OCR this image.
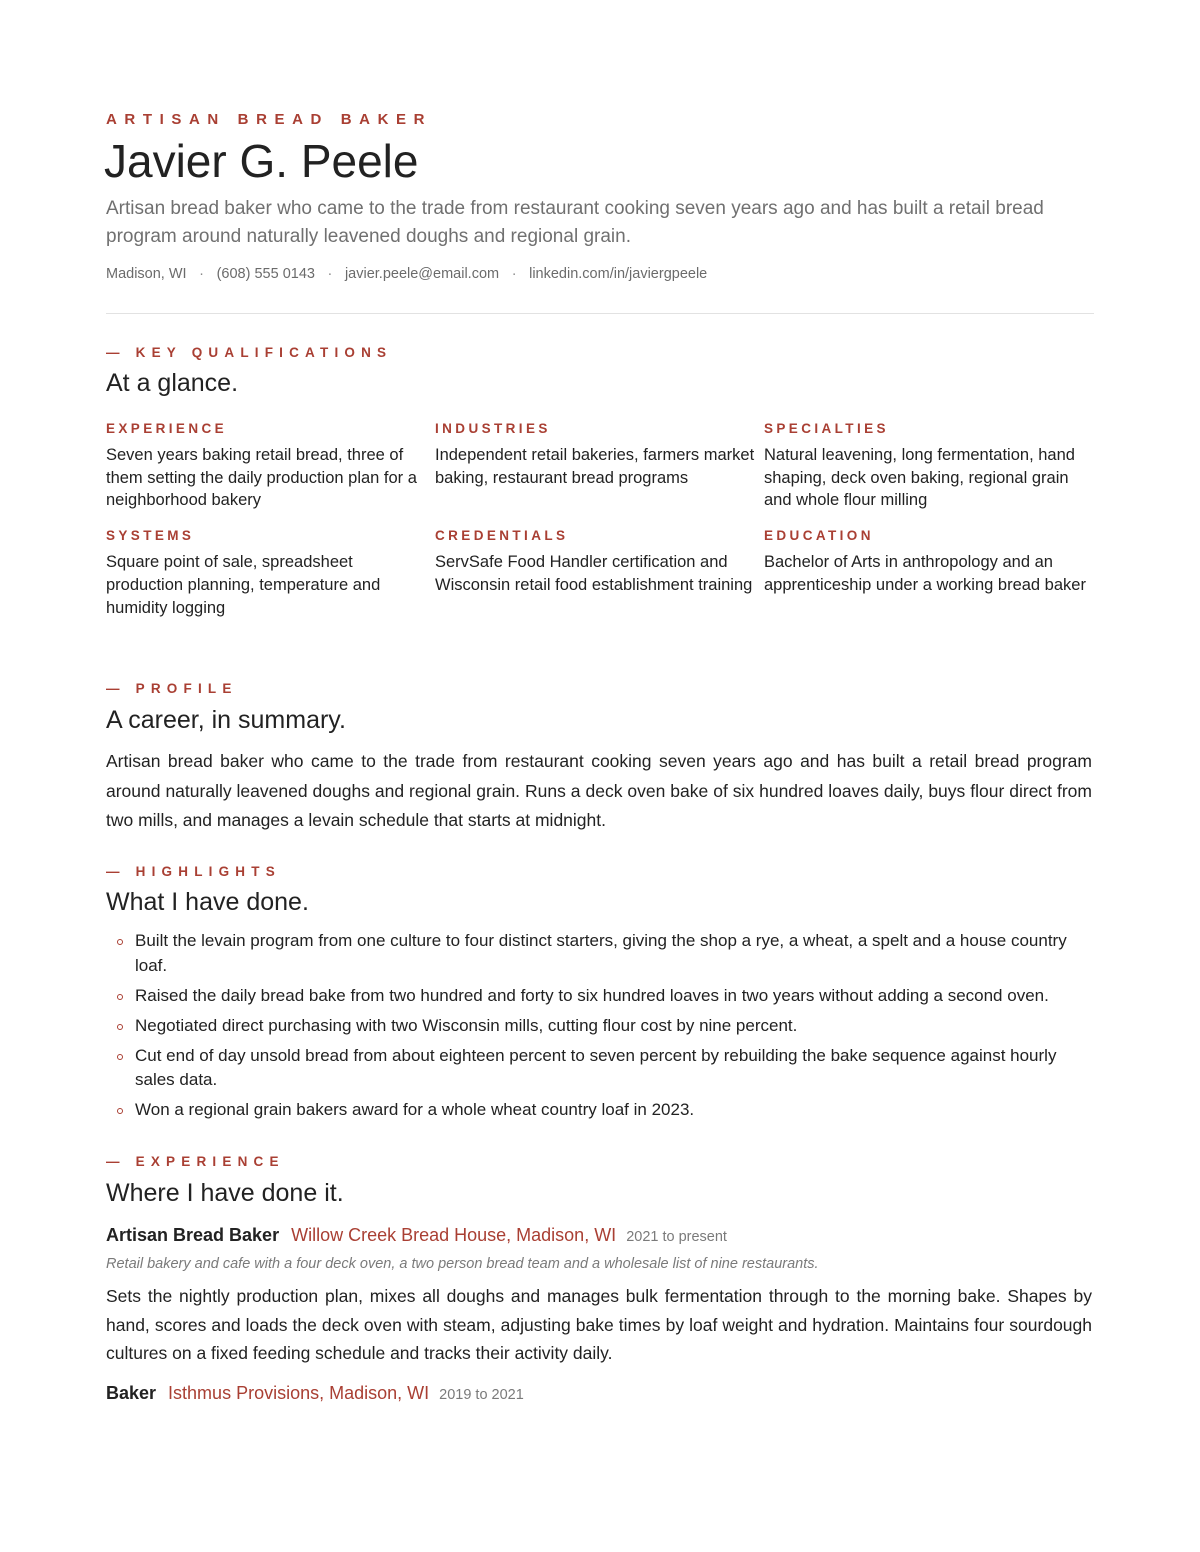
ARTISAN BREAD BAKER
Javier G. Peele
Artisan bread baker who came to the trade from restaurant cooking seven years ago and has built a retail bread program around naturally leavened doughs and regional grain.
Madison, WI · (608) 555 0143 · javier.peele@email.com · linkedin.com/in/javiergpeele
— KEY QUALIFICATIONS
At a glance.
EXPERIENCE
Seven years baking retail bread, three of them setting the daily production plan for a neighborhood bakery
INDUSTRIES
Independent retail bakeries, farmers market baking, restaurant bread programs
SPECIALTIES
Natural leavening, long fermentation, hand shaping, deck oven baking, regional grain and whole flour milling
SYSTEMS
Square point of sale, spreadsheet production planning, temperature and humidity logging
CREDENTIALS
ServSafe Food Handler certification and Wisconsin retail food establishment training
EDUCATION
Bachelor of Arts in anthropology and an apprenticeship under a working bread baker
— PROFILE
A career, in summary.
Artisan bread baker who came to the trade from restaurant cooking seven years ago and has built a retail bread program around naturally leavened doughs and regional grain. Runs a deck oven bake of six hundred loaves daily, buys flour direct from two mills, and manages a levain schedule that starts at midnight.
— HIGHLIGHTS
What I have done.
Built the levain program from one culture to four distinct starters, giving the shop a rye, a wheat, a spelt and a house country loaf.
Raised the daily bread bake from two hundred and forty to six hundred loaves in two years without adding a second oven.
Negotiated direct purchasing with two Wisconsin mills, cutting flour cost by nine percent.
Cut end of day unsold bread from about eighteen percent to seven percent by rebuilding the bake sequence against hourly sales data.
Won a regional grain bakers award for a whole wheat country loaf in 2023.
— EXPERIENCE
Where I have done it.
Artisan Bread Baker Willow Creek Bread House, Madison, WI 2021 to present
Retail bakery and cafe with a four deck oven, a two person bread team and a wholesale list of nine restaurants.
Sets the nightly production plan, mixes all doughs and manages bulk fermentation through to the morning bake. Shapes by hand, scores and loads the deck oven with steam, adjusting bake times by loaf weight and hydration. Maintains four sourdough cultures on a fixed feeding schedule and tracks their activity daily.
Baker Isthmus Provisions, Madison, WI 2019 to 2021
